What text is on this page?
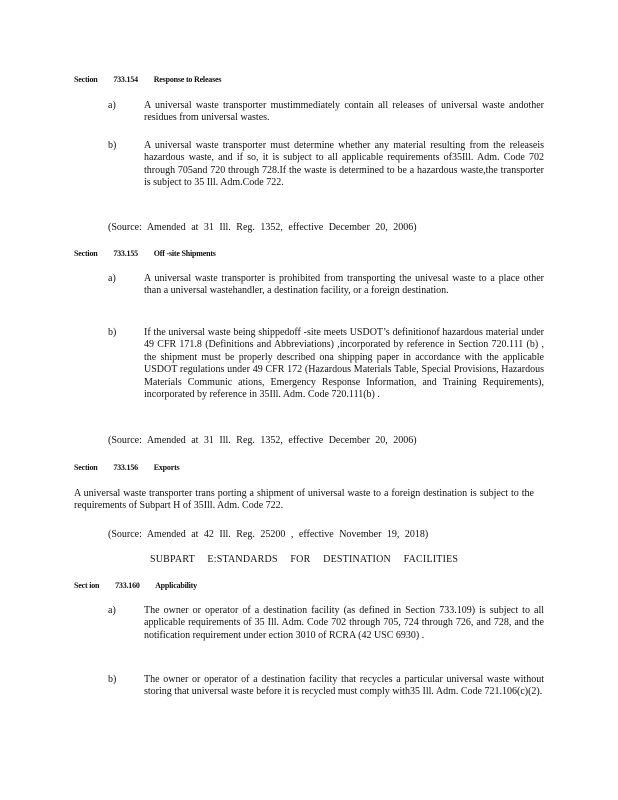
Section 733.154 Response to Releases
a)	A universal waste transporter mustimmediately contain all releases of universal waste andother residues from universal wastes.
b)	A universal waste transporter must determine whether any material resulting from the releaseis hazardous waste, and if so, it is subject to all applicable requirements of35Ill. Adm. Code 702 through 705and 720 through 728.If the waste is determined to be a hazardous waste,the transporter is subject to 35 Ill. Adm.Code 722.
(Source: Amended at 31 Ill. Reg. 1352, effective December 20, 2006)
Section 733.155 Off -site Shipments
a)	A universal waste transporter is prohibited from transporting the univesal waste to a place other than a universal wastehandler, a destination facility, or a foreign destination.
b)	If the universal waste being shippedoff -site meets USDOT’s definitionof hazardous material under 49 CFR 171.8 (Definitions and Abbreviations) ,incorporated by reference in Section 720.111 (b) , the shipment must be properly described ona shipping paper in accordance with the applicable USDOT regulations under 49 CFR 172 (Hazardous Materials Table, Special Provisions, Hazardous Materials Communic ations, Emergency Response Information, and Training Requirements), incorporated by reference in 35Ill. Adm. Code 720.111(b) .
(Source: Amended at 31 Ill. Reg. 1352, effective December 20, 2006)
Section 733.156 Exports
A universal waste transporter trans porting a shipment of universal waste to a foreign destination is subject to the requirements of Subpart H of 35Ill. Adm. Code 722.
(Source: Amended at 42 Ill. Reg. 25200 , effective November 19, 2018)
SUBPART E:STANDARDS FOR DESTINATION FACILITIES
Sect ion 733.160 Applicability
a)	The owner or operator of a destination facility (as defined in Section 733.109) is subject to all applicable requirements of 35 Ill. Adm. Code 702 through 705, 724 through 726, and 728, and the notification requirement under ection 3010 of RCRA (42 USC 6930) .
b)	The owner or operator of a destination facility that recycles a particular universal waste without storing that universal waste before it is recycled must comply with35 Ill. Adm. Code 721.106(c)(2).
